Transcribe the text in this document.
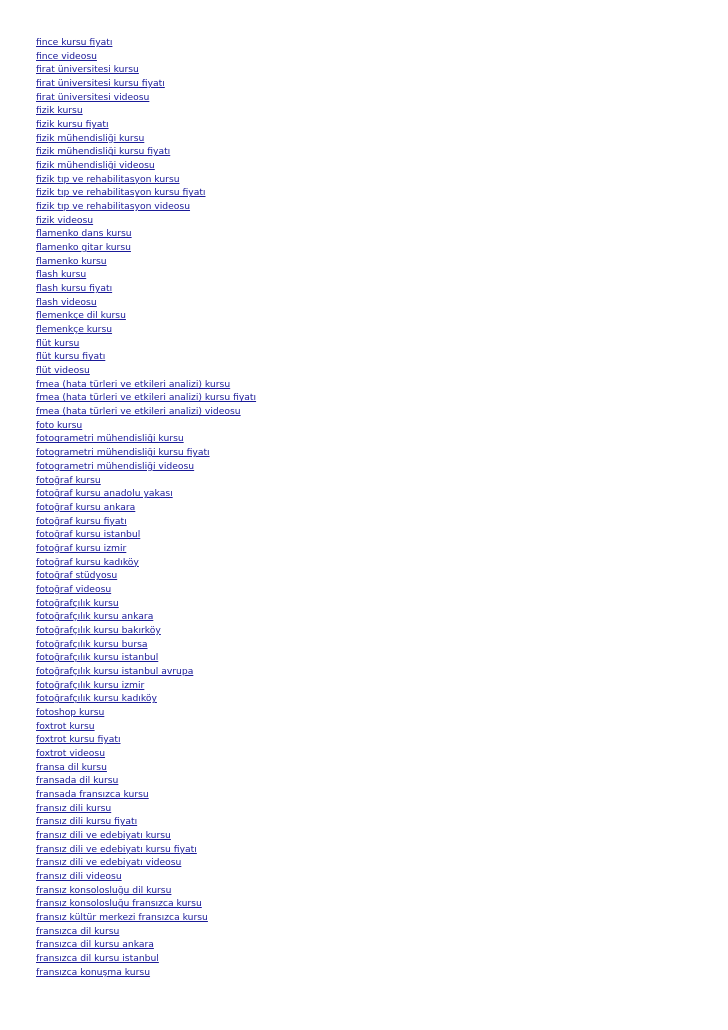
fince kursu fiyatı
fince videosu
firat üniversitesi kursu
firat üniversitesi kursu fiyatı
firat üniversitesi videosu
fizik kursu
fizik kursu fiyatı
fizik mühendisliği kursu
fizik mühendisliği kursu fiyatı
fizik mühendisliği videosu
fizik tıp ve rehabilitasyon kursu
fizik tıp ve rehabilitasyon kursu fiyatı
fizik tıp ve rehabilitasyon videosu
fizik videosu
flamenko dans kursu
flamenko gitar kursu
flamenko kursu
flash kursu
flash kursu fiyatı
flash videosu
flemenkçe dil kursu
flemenkçe kursu
flüt kursu
flüt kursu fiyatı
flüt videosu
fmea (hata türleri ve etkileri analizi) kursu
fmea (hata türleri ve etkileri analizi) kursu fiyatı
fmea (hata türleri ve etkileri analizi) videosu
foto kursu
fotogrametri mühendisliği kursu
fotogrametri mühendisliği kursu fiyatı
fotogrametri mühendisliği videosu
fotoğraf kursu
fotoğraf kursu anadolu yakası
fotoğraf kursu ankara
fotoğraf kursu fiyatı
fotoğraf kursu istanbul
fotoğraf kursu izmir
fotoğraf kursu kadıköy
fotoğraf stüdyosu
fotoğraf videosu
fotoğrafçılık kursu
fotoğrafçılık kursu ankara
fotoğrafçılık kursu bakırköy
fotoğrafçılık kursu bursa
fotoğrafçılık kursu istanbul
fotoğrafçılık kursu istanbul avrupa
fotoğrafçılık kursu izmir
fotoğrafçılık kursu kadıköy
fotoshop kursu
foxtrot kursu
foxtrot kursu fiyatı
foxtrot videosu
fransa dil kursu
fransada dil kursu
fransada fransızca kursu
fransız dili kursu
fransız dili kursu fiyatı
fransız dili ve edebiyatı kursu
fransız dili ve edebiyatı kursu fiyatı
fransız dili ve edebiyatı videosu
fransız dili videosu
fransız konsolosluğu dil kursu
fransız konsolosluğu fransızca kursu
fransız kültür merkezi fransızca kursu
fransızca dil kursu
fransızca dil kursu ankara
fransızca dil kursu istanbul
fransızca konuşma kursu
